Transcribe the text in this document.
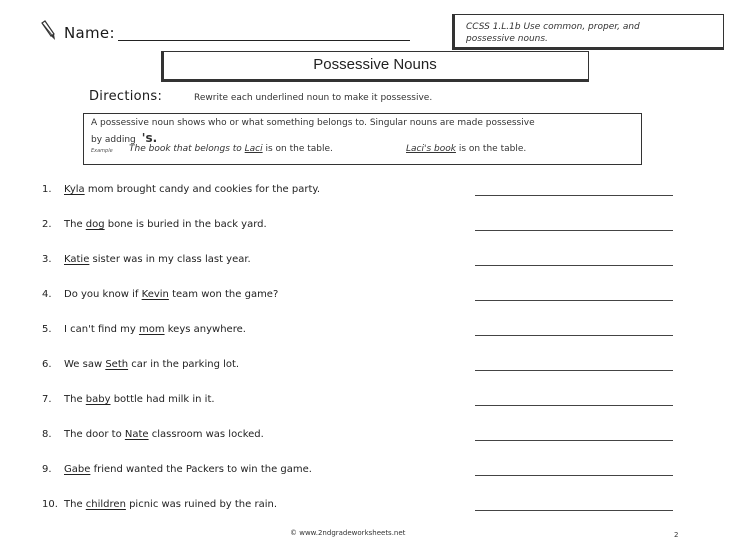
Name:	CCSS 1.L.1b Use common, proper, and
possessive nouns.
Possessive Nouns
Directions:	Rewrite each underlined noun to make it possessive.
A possessive noun shows who or what something belongs to. Singular nouns are made possessive
by adding 's.
Example The book that belongs to Laci is on the table.	Laci's book is on the table.
1. Kyla mom brought candy and cookies for the party.
2. The dog bone is buried in the back yard.
3. Katie sister was in my class last year.
4. Do you know if Kevin team won the game?
5. I can't find my mom keys anywhere.
6. We saw Seth car in the parking lot.
7. The baby bottle had milk in it.
8. The door to Nate classroom was locked.
9. Gabe friend wanted the Packers to win the game.
10. The children picnic was ruined by the rain.
© www.2ndgradeworksheets.net	2
